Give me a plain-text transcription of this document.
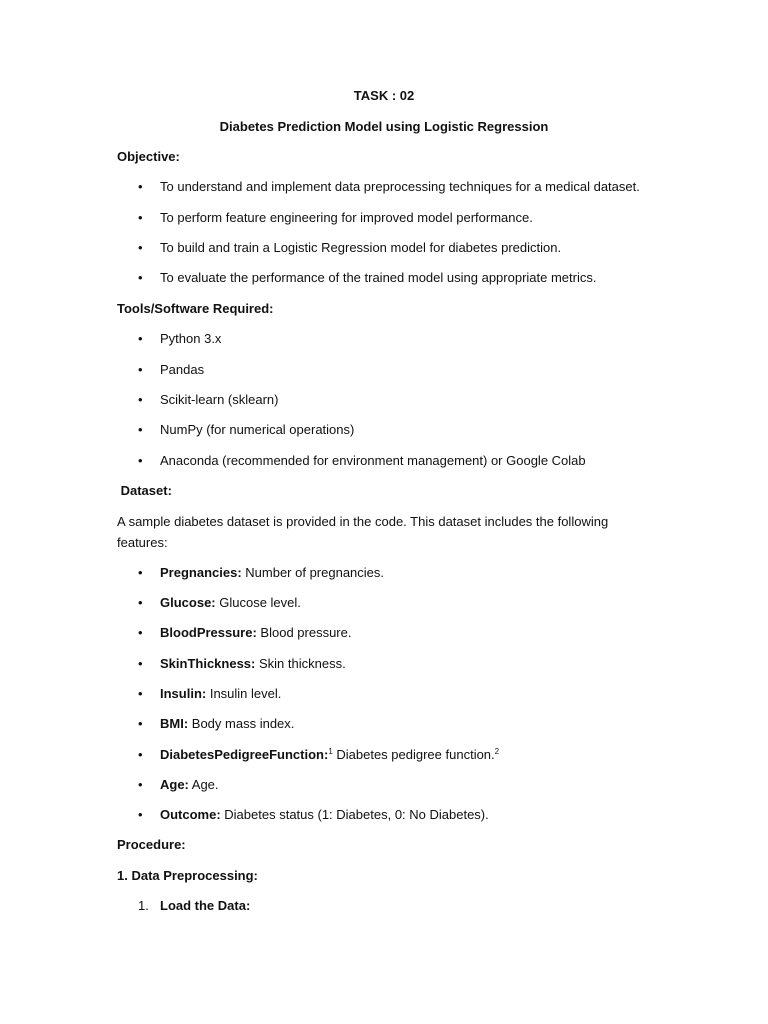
TASK : 02
Diabetes Prediction Model using Logistic Regression
Objective:
• To understand and implement data preprocessing techniques for a medical dataset.
• To perform feature engineering for improved model performance.
• To build and train a Logistic Regression model for diabetes prediction.
• To evaluate the performance of the trained model using appropriate metrics.
Tools/Software Required:
• Python 3.x
• Pandas
• Scikit-learn (sklearn)
• NumPy (for numerical operations)
• Anaconda (recommended for environment management) or Google Colab
Dataset:
A sample diabetes dataset is provided in the code. This dataset includes the following features:
• Pregnancies: Number of pregnancies.
• Glucose: Glucose level.
• BloodPressure: Blood pressure.
• SkinThickness: Skin thickness.
• Insulin: Insulin level.
• BMI: Body mass index.
• DiabetesPedigreeFunction:$^1$ Diabetes pedigree function.$^2$
• Age: Age.
• Outcome: Diabetes status (1: Diabetes, 0: No Diabetes).
Procedure:
1. Data Preprocessing:
1. Load the Data:
